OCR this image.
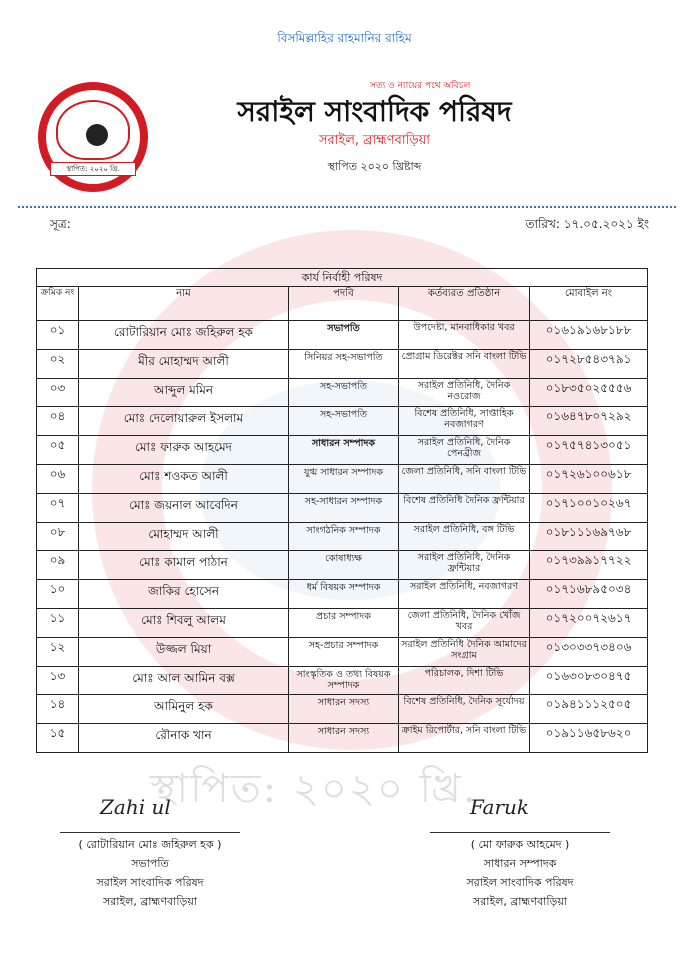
স্থাপিত: ২০২০ খ্রি.
বিসমিল্লাহির রাহমানির রাহিম
স্থাপিত: ২০২০ খ্রি.
সত্য ও ন্যায়ের পথে অবিচল
সরাইল সাংবাদিক পরিষদ
সরাইল, ব্রাহ্মণবাড়িয়া
স্থাপিত ২০২০ খ্রিষ্টাব্দ
সূত্র:	তারিখ: ১৭.০৫.২০২১ ইং
কার্য নির্বাহী পরিষদ				
ক্রমিক নং	নাম	পদবি	কর্তব্যরত প্রতিষ্ঠান	মোবাইল নং
০১	রোটারিয়ান মোঃ জহিরুল হক	সভাপতি	উপদেষ্টা, মানবাধিকার খবর	০১৬১৯১৬৮১৮৮
০২	মীর মোহাম্মদ আলী	সিনিয়র সহ-সভাপতি	প্রোগ্রাম ডিরেক্টর সনি বাংলা টিভি	০১৭২৮৫৪৩৭৯১
০৩	আব্দুল মমিন	সহ-সভাপতি	সরাইল প্রতিনিধি, দৈনিক নওরোজ	০১৮৩৫০২৫৫৫৬
০৪	মোঃ দেলোয়ারুল ইসলাম	সহ-সভাপতি	বিশেষ প্রতিনিধি, সাপ্তাহিক নবজাগরণ	০১৬৪৭৮০৭২৯২
০৫	মোঃ ফারুক আহমেদ	সাধারন সম্পাদক	সরাইল প্রতিনিধি, দৈনিক পেনব্রীজ	০১৭৫৭৪১৩০৫১
০৬	মোঃ শওকত আলী	যুগ্ম সাধারন সম্পাদক	জেলা প্রতিনিধি, সনি বাংলা টিভি	০১৭২৬১০০৬১৮
০৭	মোঃ জয়নাল আবেদিন	সহ-সাধারন সম্পাদক	বিশেষ প্রতিনিধি দৈনিক ফ্রন্টিয়ার	০১৭১০০১০২৬৭
০৮	মোহাম্মদ আলী	সাংগঠনিক সম্পাদক	সরাইল প্রতিনিধি, বঙ্গ টিভি	০১৮১১১৬৯৭৬৮
০৯	মোঃ কামাল পাঠান	কোষাধ্যক্ষ	সরাইল প্রতিনিধি, দৈনিক ফ্রন্টিয়ার	০১৭৩৯৯১৭৭২২
১০	জাকির হোসেন	ধর্ম বিষয়ক সম্পাদক	সরাইল প্রতিনিধি, নবজাগরণ	০১৭১৬৮৯৫০৩৪
১১	মোঃ শিবলু আলম	প্রচার সম্পাদক	জেলা প্রতিনিধি, দৈনিক খোঁজ খবর	০১৭২০০৭২৬১৭
১২	উজ্জল মিয়া	সহ-প্রচার সম্পাদক	সরাইল প্রতিনিধি দৈনিক আমাদের সংগ্রাম	০১৩০৩৩৭৩৪০৬
১৩	মোঃ আল আমিন বক্স	সাংস্কৃতিক ও তথ্য বিষয়ক সম্পাদক	পরিচালক, দিশা টিভি	০১৬৩০৮৩০৪৭৫
১৪	আমিনুল হক	সাধারন সদস্য	বিশেষ প্রতিনিধি, দৈনিক সূর্যোদয়	০১৯৪১১১২৫০৫
১৫	রৌনাক খান	সাধারন সদস্য	ক্রাইম রিপোর্টার, সনি বাংলা টিভি	০১৯১১৬৫৮৬২০
Zahi ul
( রোটারিয়ান মোঃ জহিরুল হক )
সভাপতি
সরাইল সাংবাদিক পরিষদ
সরাইল, ব্রাহ্মণবাড়িয়া
Faruk
( মো ফারুক আহমেদ )
সাধারন সম্পাদক
সরাইল সাংবাদিক পরিষদ
সরাইল, ব্রাহ্মণবাড়িয়া
